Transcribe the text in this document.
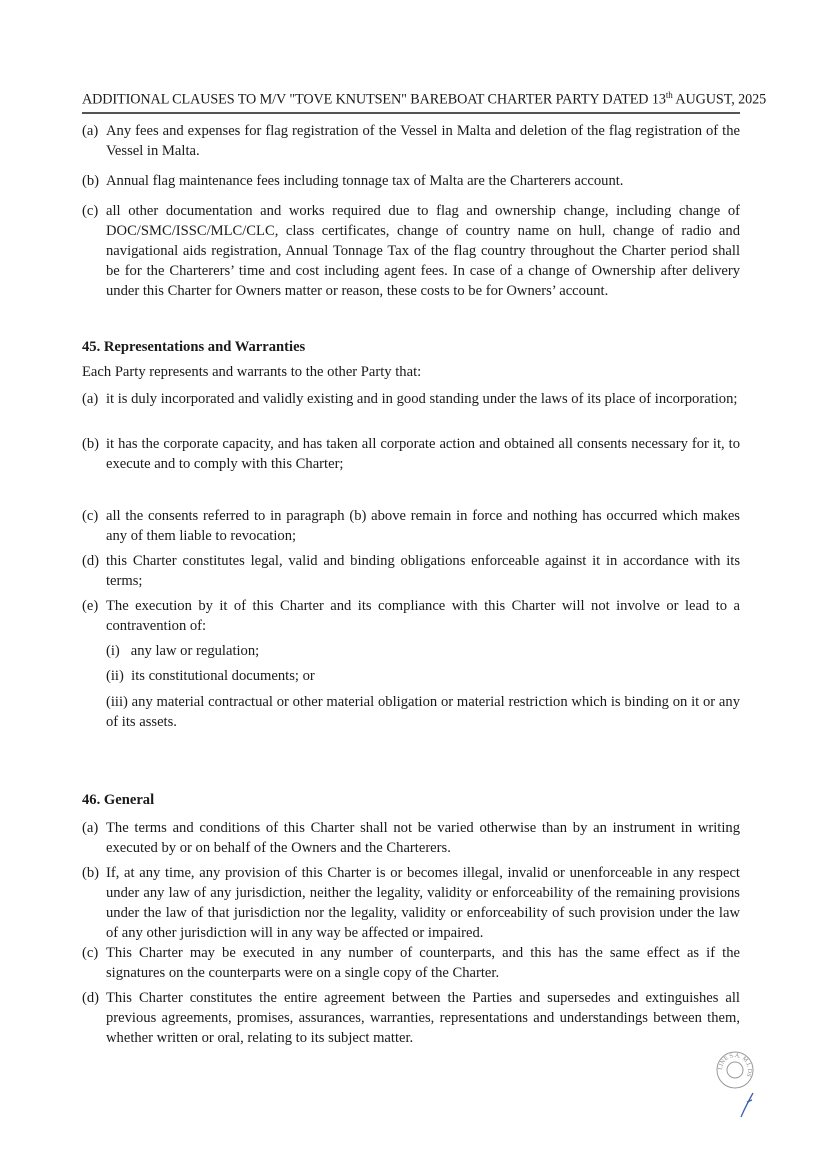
ADDITIONAL CLAUSES TO M/V "TOVE KNUTSEN" BAREBOAT CHARTER PARTY DATED 13th AUGUST, 2025
(a) Any fees and expenses for flag registration of the Vessel in Malta and deletion of the flag registration of the Vessel in Malta.
(b) Annual flag maintenance fees including tonnage tax of Malta are the Charterers account.
(c) all other documentation and works required due to flag and ownership change, including change of DOC/SMC/ISSC/MLC/CLC, class certificates, change of country name on hull, change of radio and navigational aids registration, Annual Tonnage Tax of the flag country throughout the Charter period shall be for the Charterers’ time and cost including agent fees. In case of a change of Ownership after delivery under this Charter for Owners matter or reason, these costs to be for Owners’ account.
45. Representations and Warranties
Each Party represents and warrants to the other Party that:
(a) it is duly incorporated and validly existing and in good standing under the laws of its place of incorporation;
(b) it has the corporate capacity, and has taken all corporate action and obtained all consents necessary for it, to execute and to comply with this Charter;
(c) all the consents referred to in paragraph (b) above remain in force and nothing has occurred which makes any of them liable to revocation;
(d) this Charter constitutes legal, valid and binding obligations enforceable against it in accordance with its terms;
(e) The execution by it of this Charter and its compliance with this Charter will not involve or lead to a contravention of:
(i) any law or regulation;
(ii) its constitutional documents; or
(iii) any material contractual or other material obligation or material restriction which is binding on it or any of its assets.
46. General
(a) The terms and conditions of this Charter shall not be varied otherwise than by an instrument in writing executed by or on behalf of the Owners and the Charterers.
(b) If, at any time, any provision of this Charter is or becomes illegal, invalid or unenforceable in any respect under any law of any jurisdiction, neither the legality, validity or enforceability of the remaining provisions under the law of that jurisdiction nor the legality, validity or enforceability of such provision under the law of any other jurisdiction will in any way be affected or impaired.
(c) This Charter may be executed in any number of counterparts, and this has the same effect as if the signatures on the counterparts were on a single copy of the Charter.
(d) This Charter constitutes the entire agreement between the Parties and supersedes and extinguishes all previous agreements, promises, assurances, warranties, representations and understandings between them, whether written or oral, relating to its subject matter.
LINE S.A. M.I. DS
